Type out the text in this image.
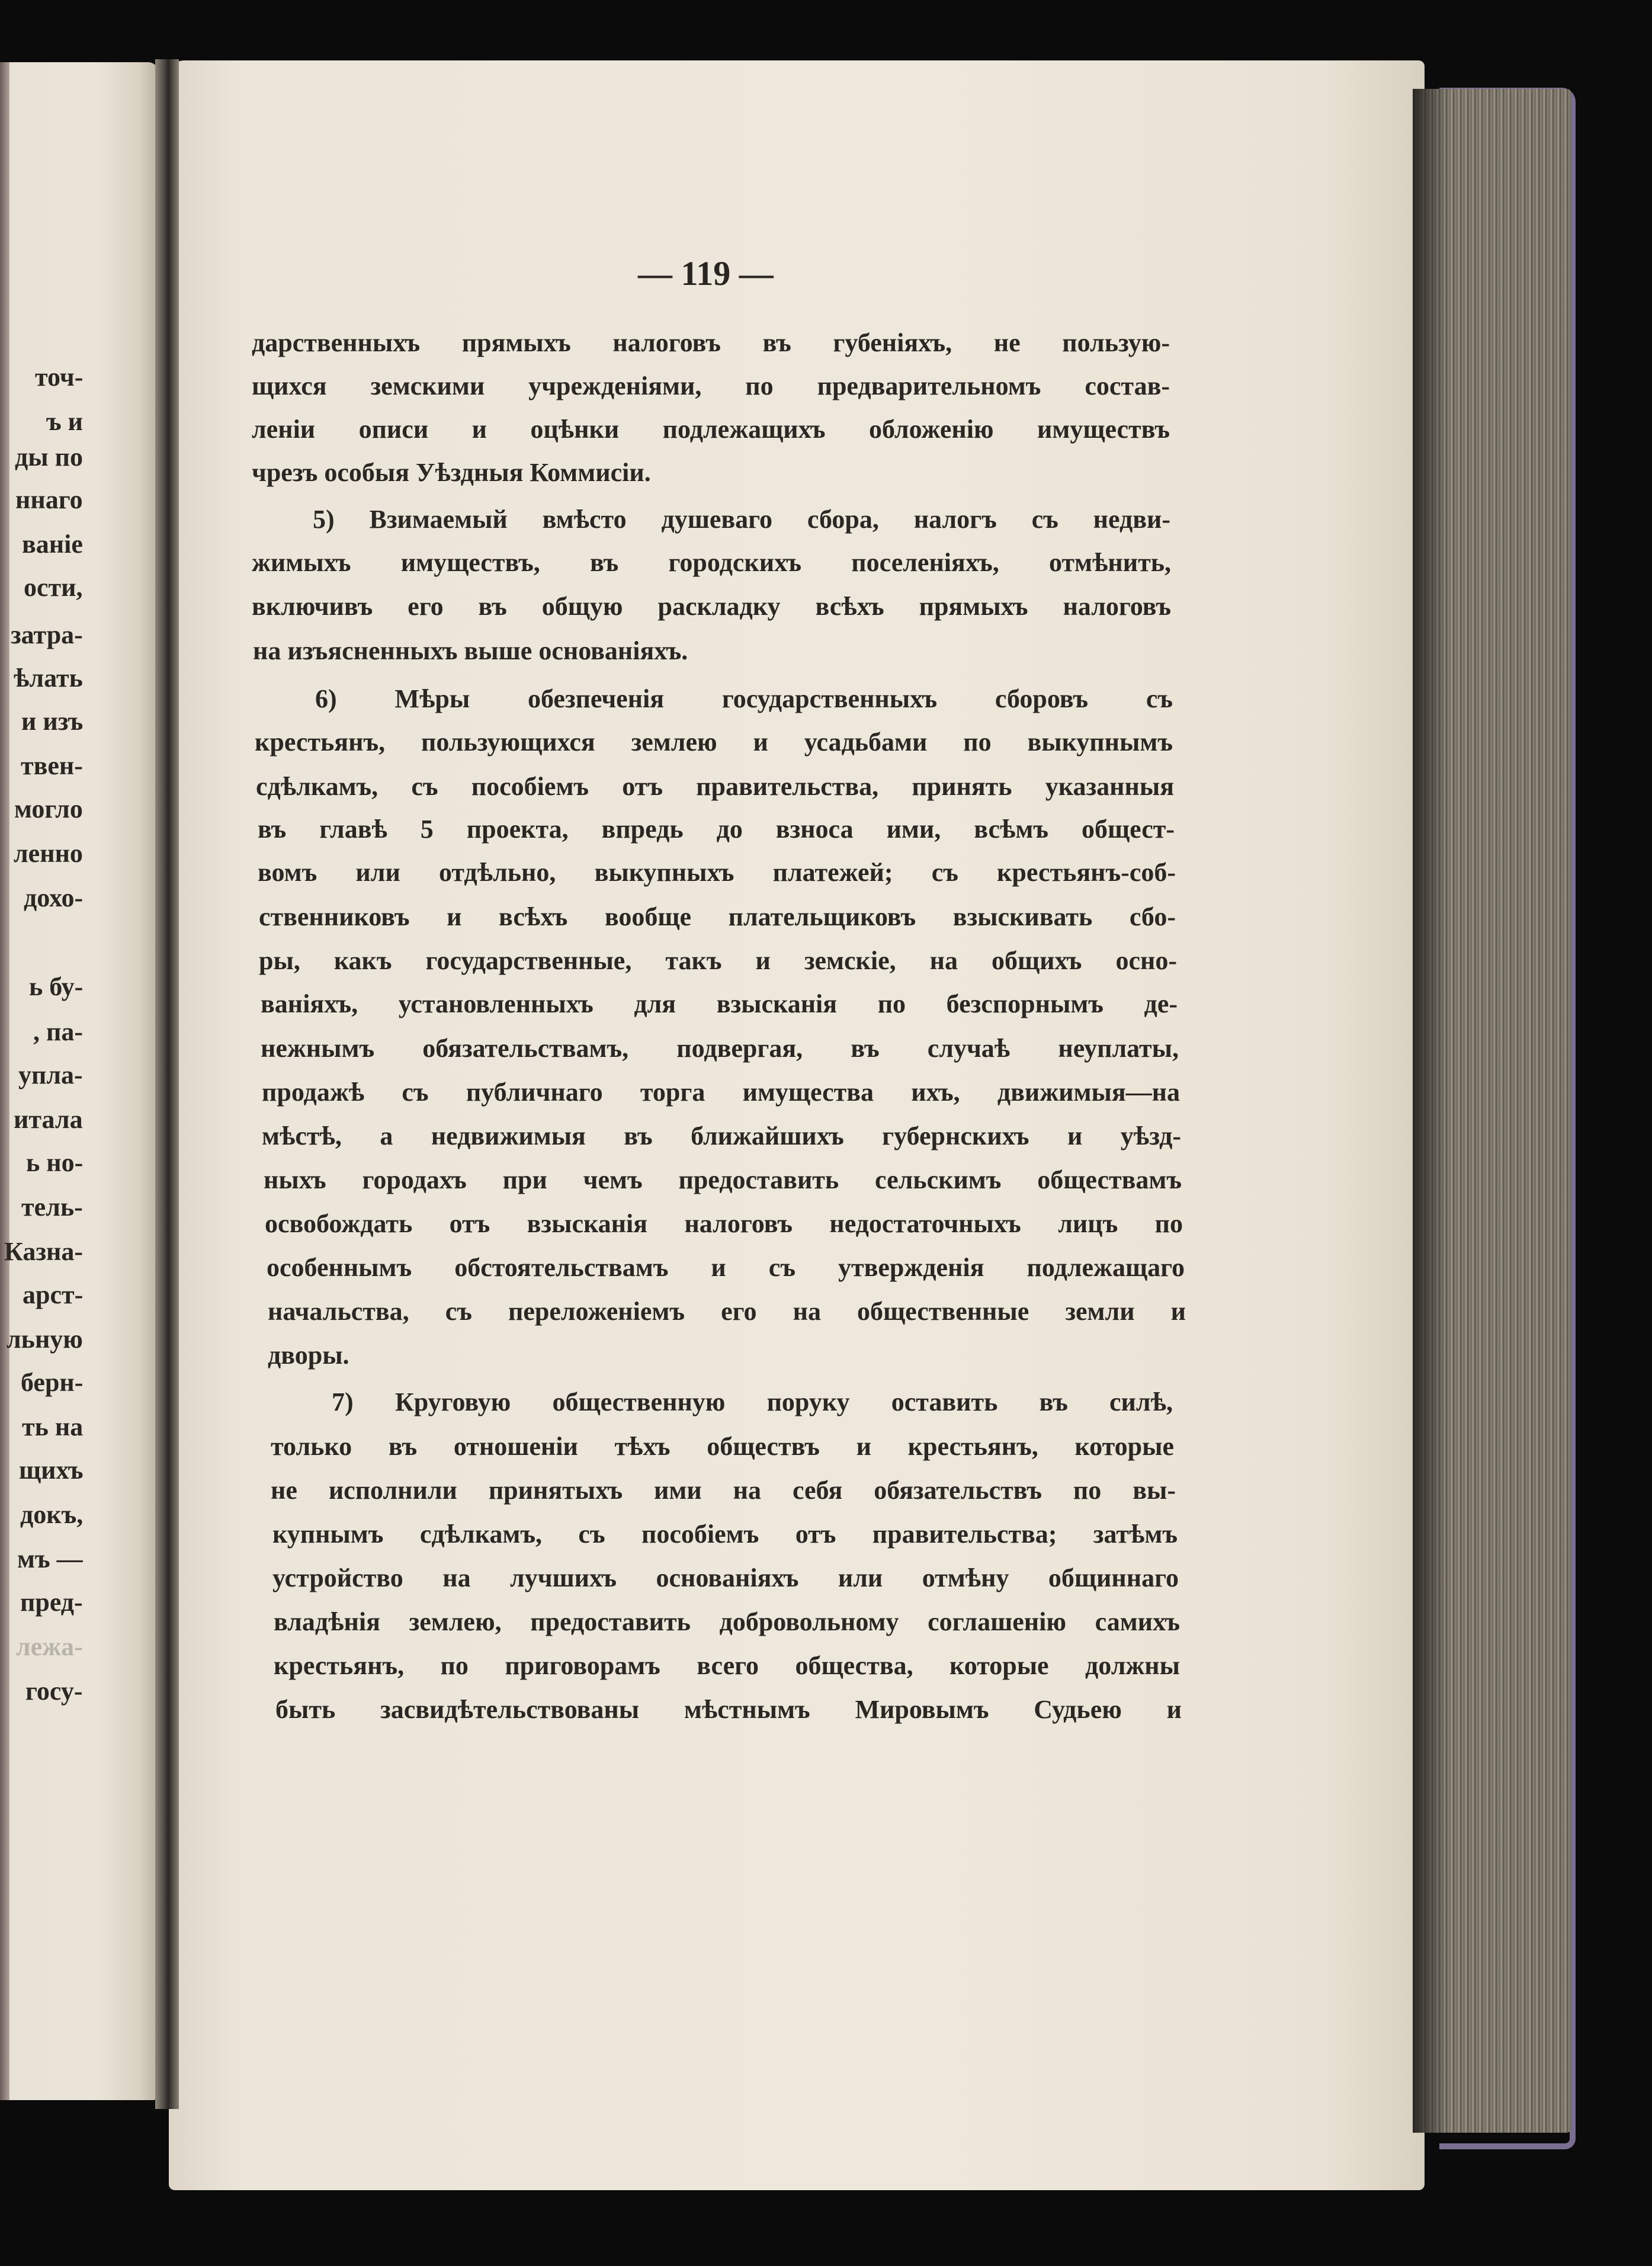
точ-
ъ и
ды по
ннаго
ваніе
ости,
затра-
ѣлать
и изъ
твен-
могло
ленно
дохо-
ь бу-
, па-
упла-
итала
ь но-
тель-
Казна-
арст-
льную
берн-
ть на
щихъ
докъ,
мъ —
пред-
лежа-
госу-
— 119 —
дарственныхъ прямыхъ налоговъ въ губеніяхъ, не пользую-
щихся земскими учрежденіями, по предварительномъ состав-
леніи описи и оцѣнки подлежащихъ обложенію имуществъ
чрезъ особыя Уѣздныя Коммисіи.
5) Взимаемый вмѣсто душеваго сбора, налогъ съ недви-
жимыхъ имуществъ, въ городскихъ поселеніяхъ, отмѣнить,
включивъ его въ общую раскладку всѣхъ прямыхъ налоговъ
на изъясненныхъ выше основаніяхъ.
6) Мѣры обезпеченія государственныхъ сборовъ съ
крестьянъ, пользующихся землею и усадьбами по выкупнымъ
сдѣлкамъ, съ пособіемъ отъ правительства, принять указанныя
въ главѣ 5 проекта, впредь до взноса ими, всѣмъ общест-
вомъ или отдѣльно, выкупныхъ платежей; съ крестьянъ-соб-
ственниковъ и всѣхъ вообще плательщиковъ взыскивать сбо-
ры, какъ государственные, такъ и земскіе, на общихъ осно-
ваніяхъ, установленныхъ для взысканія по безспорнымъ де-
нежнымъ обязательствамъ, подвергая, въ случаѣ неуплаты,
продажѣ съ публичнаго торга имущества ихъ, движимыя—на
мѣстѣ, а недвижимыя въ ближайшихъ губернскихъ и уѣзд-
ныхъ городахъ при чемъ предоставить сельскимъ обществамъ
освобождать отъ взысканія налоговъ недостаточныхъ лицъ по
особеннымъ обстоятельствамъ и съ утвержденія подлежащаго
начальства, съ переложеніемъ его на общественные земли и
дворы.
7) Круговую общественную поруку оставить въ силѣ,
только въ отношеніи тѣхъ обществъ и крестьянъ, которые
не исполнили принятыхъ ими на себя обязательствъ по вы-
купнымъ сдѣлкамъ, съ пособіемъ отъ правительства; затѣмъ
устройство на лучшихъ основаніяхъ или отмѣну общиннаго
владѣнія землею, предоставить добровольному соглашенію самихъ
крестьянъ, по приговорамъ всего общества, которые должны
быть засвидѣтельствованы мѣстнымъ Мировымъ Судьею и
